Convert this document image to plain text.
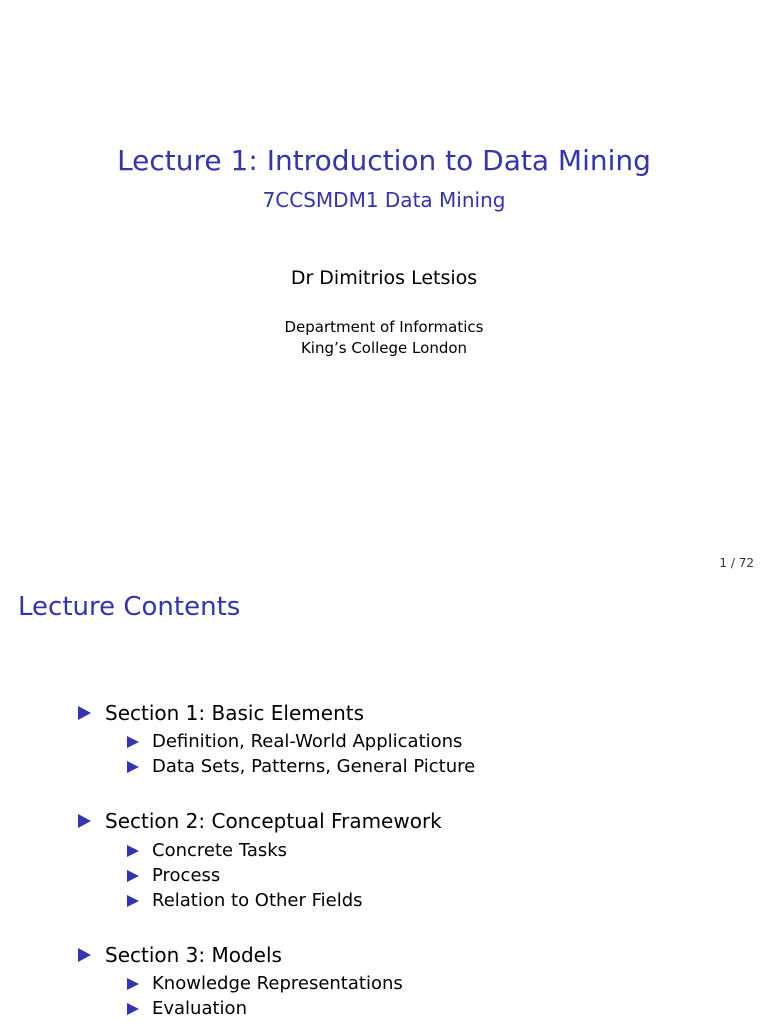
Lecture 1: Introduction to Data Mining
7CCSMDM1 Data Mining
Dr Dimitrios Letsios
Department of Informatics
King’s College London
1 / 72
Lecture Contents
Section 1: Basic Elements
Definition, Real-World Applications
Data Sets, Patterns, General Picture
Section 2: Conceptual Framework
Concrete Tasks
Process
Relation to Other Fields
Section 3: Models
Knowledge Representations
Evaluation
